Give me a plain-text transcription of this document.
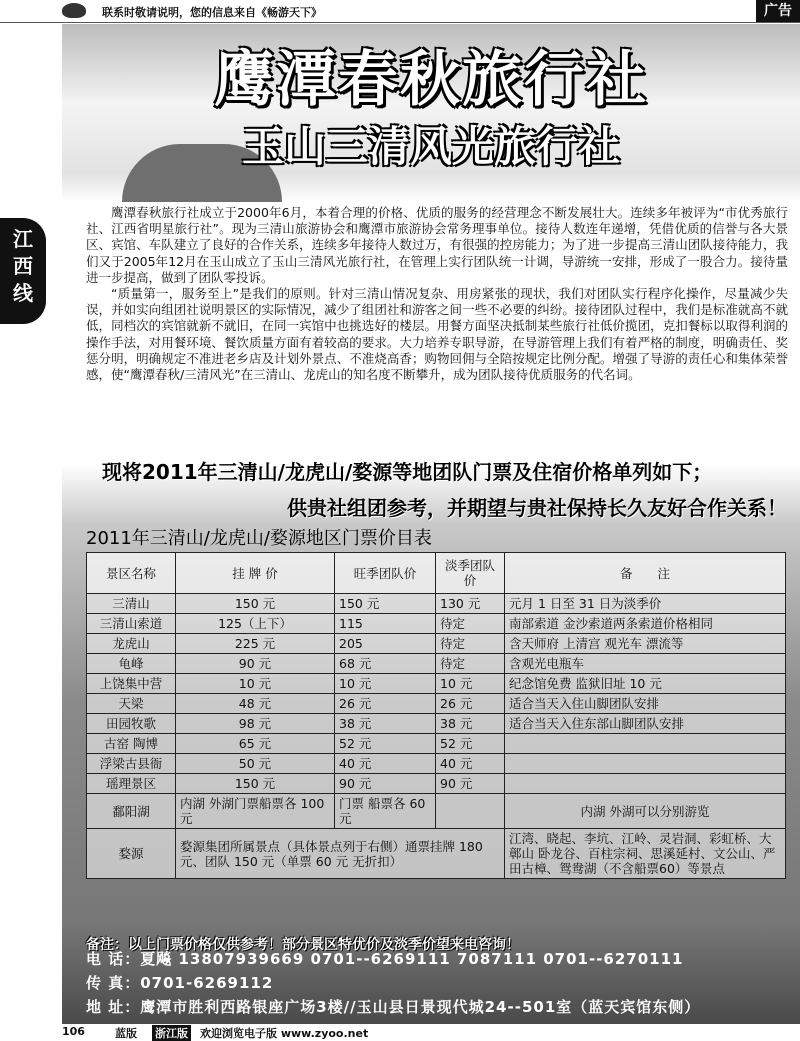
联系时敬请说明，您的信息来自《畅游天下》	广告
江西线
鹰潭春秋旅行社
玉山三清风光旅行社

鹰潭春秋旅行社成立于2000年6月，本着合理的价格、优质的服务的经营理念不断发展壮大。连续多年被评为“市优秀旅行社、江西省明星旅行社”。现为三清山旅游协会和鹰潭市旅游协会常务理事单位。接待人数连年递增，凭借优质的信誉与各大景区、宾馆、车队建立了良好的合作关系，连续多年接待人数过万，有很强的控房能力；为了进一步提高三清山团队接待能力，我们又于2005年12月在玉山成立了玉山三清风光旅行社，在管理上实行团队统一计调，导游统一安排，形成了一股合力。接待量进一步提高，做到了团队零投诉。

“质量第一，服务至上”是我们的原则。针对三清山情况复杂、用房紧张的现状，我们对团队实行程序化操作，尽量减少失误，并如实向组团社说明景区的实际情况，减少了组团社和游客之间一些不必要的纠纷。接待团队过程中，我们是标准就高不就低，同档次的宾馆就新不就旧，在同一宾馆中也挑选好的楼层。用餐方面坚决抵制某些旅行社低价揽团，克扣餐标以取得利润的操作手法，对用餐环境、餐饮质量方面有着较高的要求。大力培养专职导游，在导游管理上我们有着严格的制度，明确责任、奖惩分明，明确规定不准进老乡店及计划外景点、不准烧高香；购物回佣与全陪按规定比例分配。增强了导游的责任心和集体荣誉感，使“鹰潭春秋/三清风光”在三清山、龙虎山的知名度不断攀升，成为团队接待优质服务的代名词。

现将2011年三清山/龙虎山/婺源等地团队门票及住宿价格单列如下；
供贵社组团参考，并期望与贵社保持长久友好合作关系！
2011年三清山/龙虎山/婺源地区门票价目表
景区名称	挂 牌 价	旺季团队价	淡季团队价	备　　注
三清山	150 元	150 元	130 元	元月 1 日至 31 日为淡季价
三清山索道	125（上下）	115	待定	南部索道 金沙索道两条索道价格相同
龙虎山	225 元	205	待定	含天师府 上清宫 观光车 漂流等
龟峰	90 元	68 元	待定	含观光电瓶车
上饶集中营	10 元	10 元	10 元	纪念馆免费 监狱旧址 10 元
天梁	48 元	26 元	26 元	适合当天入住山脚团队安排
田园牧歌	98 元	38 元	38 元	适合当天入住东部山脚团队安排
古窑 陶博	65 元	52 元	52 元	
浮梁古县衙	50 元	40 元	40 元	
瑶理景区	150 元	90 元	90 元	
鄱阳湖	内湖 外湖门票船票各 100元	门票 船票各 60元		内湖 外湖可以分别游览
婺源	婺源集团所属景点（具体景点列于右侧）通票挂牌 180元、团队 150 元（单票 60 元 无折扣）			江湾、晓起、李坑、江岭、灵岩洞、彩虹桥、大鄣山 卧龙谷、百柱宗祠、思溪延村、文公山、严田古樟、鸳鸯湖（不含船票60）等景点
备注：以上门票价格仅供参考！部分景区特优价及淡季价望来电咨询！
电 话：夏飚 13807939669 0701--6269111 7087111 0701--6270111
传 真：0701-6269112
地 址：鹰潭市胜利西路银座广场3楼//玉山县日景现代城24--501室（蓝天宾馆东侧）
106	蓝版 浙江版 欢迎浏览电子版 www.zyoo.net
